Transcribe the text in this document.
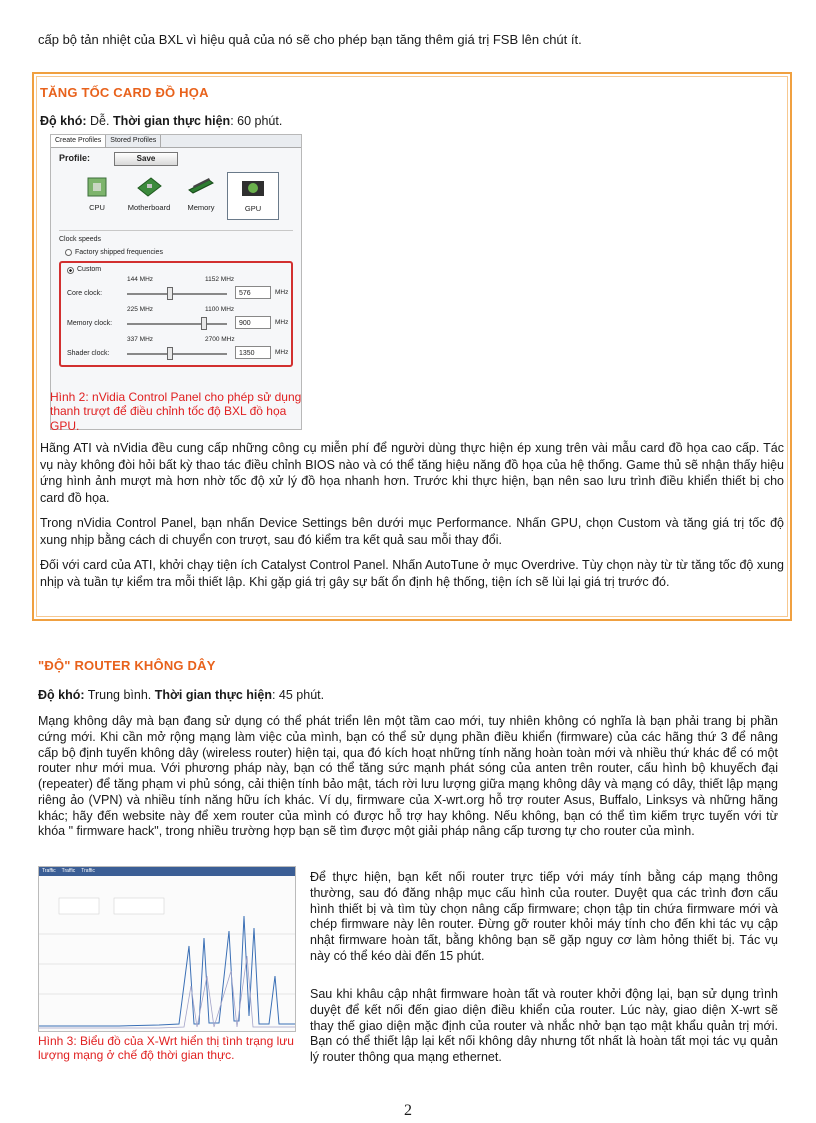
cấp bộ tản nhiệt của BXL vì hiệu quả của nó sẽ cho phép bạn tăng thêm giá trị FSB lên chút ít.

TĂNG TỐC CARD ĐỒ HỌA
Độ khó: Dễ. Thời gian thực hiện: 60 phút.
Create Profiles	Stored Profiles
Profile:	Save
CPU	Motherboard	Memory	GPU
Clock speeds
Factory shipped frequencies
Custom
144 MHz	1152 MHz
Core clock:	576	MHz
225 MHz	1100 MHz
Memory clock:	900	MHz
337 MHz	2700 MHz
Shader clock:	1350	MHz
Hình 2: nVidia Control Panel cho phép sử dụng thanh trượt để điều chỉnh tốc độ BXL đồ họa GPU.

Hãng ATI và nVidia đều cung cấp những công cụ miễn phí để người dùng thực hiện ép xung trên vài mẫu card đồ họa cao cấp. Tác vụ này không đòi hỏi bất kỳ thao tác điều chỉnh BIOS nào và có thể tăng hiệu năng đồ họa của hệ thống. Game thủ sẽ nhận thấy hiệu ứng hình ảnh mượt mà hơn nhờ tốc độ xử lý đồ họa nhanh hơn. Trước khi thực hiện, bạn nên sao lưu trình điều khiển thiết bị cho card đồ họa.

Trong nVidia Control Panel, bạn nhấn Device Settings bên dưới mục Performance. Nhấn GPU, chọn Custom và tăng giá trị tốc độ xung nhịp bằng cách di chuyển con trượt, sau đó kiểm tra kết quả sau mỗi thay đổi.

Đối với card của ATI, khởi chạy tiện ích Catalyst Control Panel. Nhấn AutoTune ở mục Overdrive. Tùy chọn này từ từ tăng tốc độ xung nhịp và tuần tự kiểm tra mỗi thiết lập. Khi gặp giá trị gây sự bất ổn định hệ thống, tiện ích sẽ lùi lại giá trị trước đó.

"ĐỘ" ROUTER KHÔNG DÂY
Độ khó: Trung bình. Thời gian thực hiện: 45 phút.

Mạng không dây mà bạn đang sử dụng có thể phát triển lên một tầm cao mới, tuy nhiên không có nghĩa là bạn phải trang bị phần cứng mới. Khi cần mở rộng mạng làm việc của mình, bạn có thể sử dụng phần điều khiển (firmware) của các hãng thứ 3 để nâng cấp bộ định tuyến không dây (wireless router) hiện tại, qua đó kích hoạt những tính năng hoàn toàn mới và nhiều thứ khác để có một router như mới mua. Với phương pháp này, bạn có thể tăng sức mạnh phát sóng của anten trên router, cấu hình bộ khuyếch đại (repeater) để tăng phạm vi phủ sóng, cải thiện tính bảo mật, tách rời lưu lượng giữa mạng không dây và mạng có dây, thiết lập mạng riêng ảo (VPN) và nhiều tính năng hữu ích khác. Ví dụ, firmware của X-wrt.org hỗ trợ router Asus, Buffalo, Linksys và những hãng khác; hãy đến website này để xem router của mình có được hỗ trợ hay không. Nếu không, bạn có thể tìm kiếm trực tuyến với từ khóa " firmware hack", trong nhiều trường hợp bạn sẽ tìm được một giải pháp nâng cấp tương tự cho router của mình.

Traffic Traffic Traffic
Hình 3: Biểu đồ của X-Wrt hiển thị tình trạng lưu lượng mạng ở chế độ thời gian thực.

Để thực hiện, bạn kết nối router trực tiếp với máy tính bằng cáp mạng thông thường, sau đó đăng nhập mục cấu hình của router. Duyệt qua các trình đơn cấu hình thiết bị và tìm tùy chọn nâng cấp firmware; chọn tập tin chứa firmware mới và chép firmware này lên router. Đừng gỡ router khỏi máy tính cho đến khi tác vụ cập nhật firmware hoàn tất, bằng không bạn sẽ gặp nguy cơ làm hỏng thiết bị. Tác vụ này có thể kéo dài đến 15 phút.

Sau khi khâu cập nhật firmware hoàn tất và router khởi động lại, bạn sử dụng trình duyệt để kết nối đến giao diện điều khiển của router. Lúc này, giao diện X-wrt sẽ thay thế giao diện mặc định của router và nhắc nhở bạn tạo mật khẩu quản trị mới. Bạn có thể thiết lập lại kết nối không dây nhưng tốt nhất là hoàn tất mọi tác vụ quản lý router thông qua mạng ethernet.

2
